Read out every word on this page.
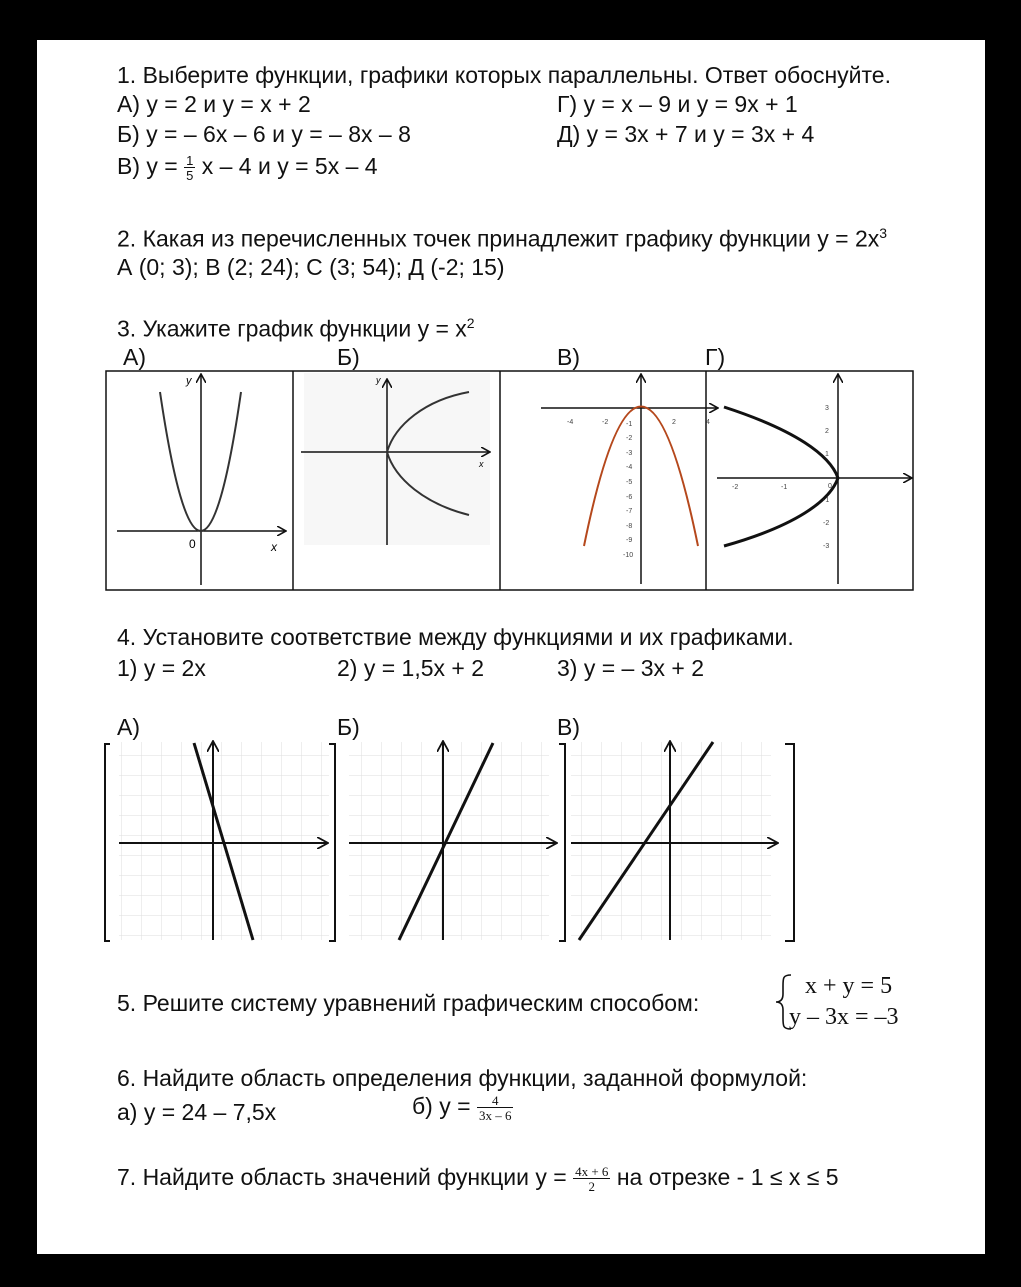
1. Выберите функции, графики которых параллельны. Ответ обоснуйте.
А) у = 2 и у = х + 2
Б) у = – 6х – 6 и у = – 8х – 8
В) $у = \frac{1}{5}$ х – 4 и у = 5х – 4
Г) у = х – 9 и у = 9х + 1
Д) у = 3х + 7 и у = 3х + 4
2. Какая из перечисленных точек принадлежит графику функции $у = 2х^3$
А (0; 3); В (2; 24); С (3; 54); Д (-2; 15)
3. Укажите график функции $у = х^2$
А)	Б)	В)	Г)
y
0	x
y
x
-4	-2	2	4
-1
-2
-3
-4
-5
-6
-7
-8
-9
-10
-2	-1
3
2
1
0
-1
-2
-3
4. Установите соответствие между функциями и их графиками.
1) у = 2х	2) у = 1,5х + 2	3) у = – 3х + 2
А)	Б)	В)
5. Решите систему уравнений графическим способом:
x + y = 5
y – 3x = –3
6. Найдите область определения функции, заданной формулой:
а) у = 24 – 7,5х	б) $у = \frac{4}{3x - 6}$
7. Найдите область значений функции $у = \frac{4x + 6}{2}$ на отрезке - 1 ≤ х ≤ 5
